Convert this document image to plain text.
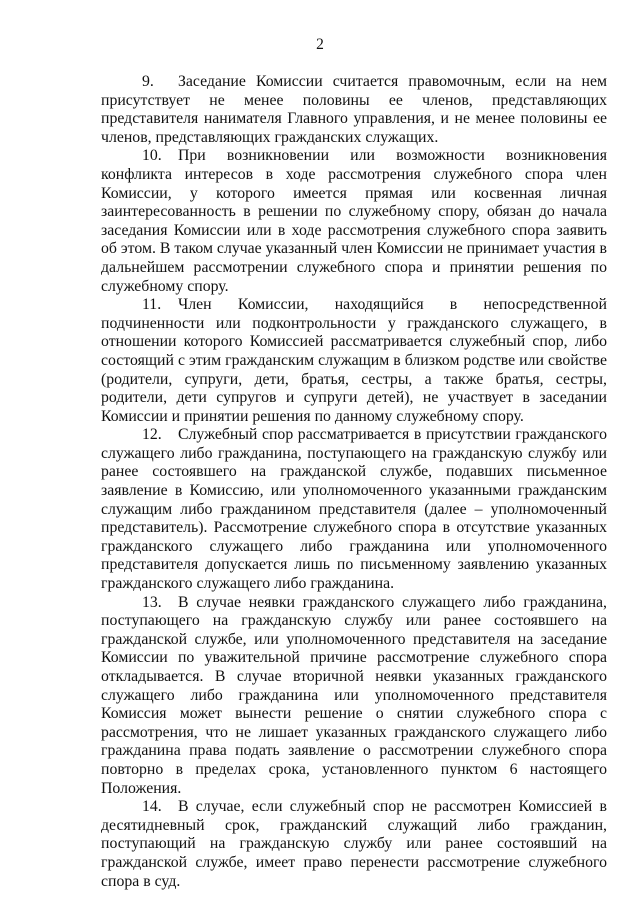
2

9. Заседание Комиссии считается правомочным, если на нем присутствует не менее половины ее членов, представляющих представителя нанимателя Главного управления, и не менее половины ее членов, представляющих гражданских служащих.

10. При возникновении или возможности возникновения конфликта интересов в ходе рассмотрения служебного спора член Комиссии, у которого имеется прямая или косвенная личная заинтересованность в решении по служебному спору, обязан до начала заседания Комиссии или в ходе рассмотрения служебного спора заявить об этом. В таком случае указанный член Комиссии не принимает участия в дальнейшем рассмотрении служебного спора и принятии решения по служебному спору.

11. Член Комиссии, находящийся в непосредственной подчиненности или подконтрольности у гражданского служащего, в отношении которого Комиссией рассматривается служебный спор, либо состоящий с этим гражданским служащим в близком родстве или свойстве (родители, супруги, дети, братья, сестры, а также братья, сестры, родители, дети супругов и супруги детей), не участвует в заседании Комиссии и принятии решения по данному служебному спору.

12. Служебный спор рассматривается в присутствии гражданского служащего либо гражданина, поступающего на гражданскую службу или ранее состоявшего на гражданской службе, подавших письменное заявление в Комиссию, или уполномоченного указанными гражданским служащим либо гражданином представителя (далее – уполномоченный представитель). Рассмотрение служебного спора в отсутствие указанных гражданского служащего либо гражданина или уполномоченного представителя допускается лишь по письменному заявлению указанных гражданского служащего либо гражданина.

13. В случае неявки гражданского служащего либо гражданина, поступающего на гражданскую службу или ранее состоявшего на гражданской службе, или уполномоченного представителя на заседание Комиссии по уважительной причине рассмотрение служебного спора откладывается. В случае вторичной неявки указанных гражданского служащего либо гражданина или уполномоченного представителя Комиссия может вынести решение о снятии служебного спора с рассмотрения, что не лишает указанных гражданского служащего либо гражданина права подать заявление о рассмотрении служебного спора повторно в пределах срока, установленного пунктом 6 настоящего Положения.

14. В случае, если служебный спор не рассмотрен Комиссией в десятидневный срок, гражданский служащий либо гражданин, поступающий на гражданскую службу или ранее состоявший на гражданской службе, имеет право перенести рассмотрение служебного спора в суд.
